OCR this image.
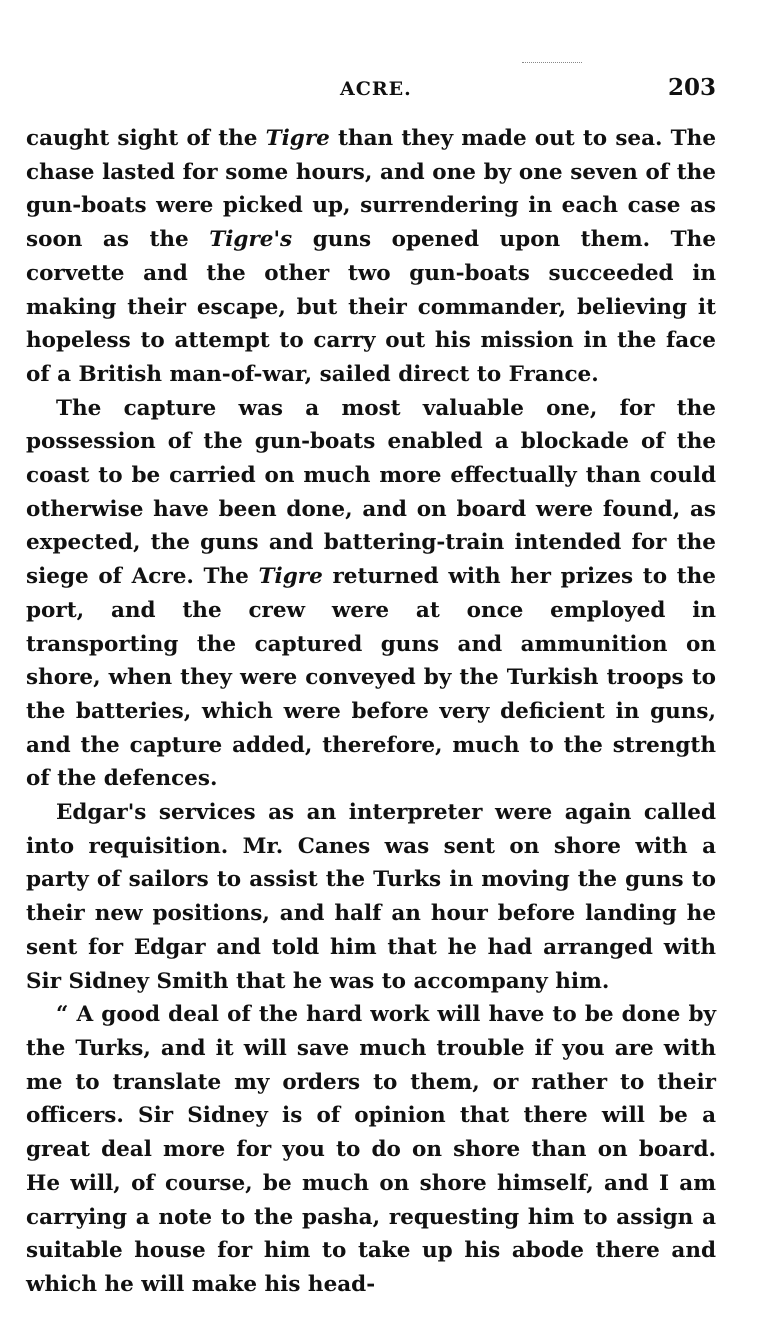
ACRE.	203

caught sight of the Tigre than they made out to sea. The chase lasted for some hours, and one by one seven of the gun-boats were picked up, surrendering in each case as soon as the Tigre's guns opened upon them. The corvette and the other two gun-boats succeeded in making their escape, but their commander, believing it hopeless to attempt to carry out his mission in the face of a British man-of-war, sailed direct to France.

The capture was a most valuable one, for the possession of the gun-boats enabled a blockade of the coast to be carried on much more effectually than could otherwise have been done, and on board were found, as expected, the guns and battering-train intended for the siege of Acre. The Tigre returned with her prizes to the port, and the crew were at once employed in transporting the captured guns and ammunition on shore, when they were conveyed by the Turkish troops to the batteries, which were before very deficient in guns, and the capture added, therefore, much to the strength of the defences.

Edgar's services as an interpreter were again called into requisition. Mr. Canes was sent on shore with a party of sailors to assist the Turks in moving the guns to their new positions, and half an hour before landing he sent for Edgar and told him that he had arranged with Sir Sidney Smith that he was to accompany him.

“ A good deal of the hard work will have to be done by the Turks, and it will save much trouble if you are with me to translate my orders to them, or rather to their officers. Sir Sidney is of opinion that there will be a great deal more for you to do on shore than on board. He will, of course, be much on shore himself, and I am carrying a note to the pasha, requesting him to assign a suitable house for him to take up his abode there and which he will make his head-
